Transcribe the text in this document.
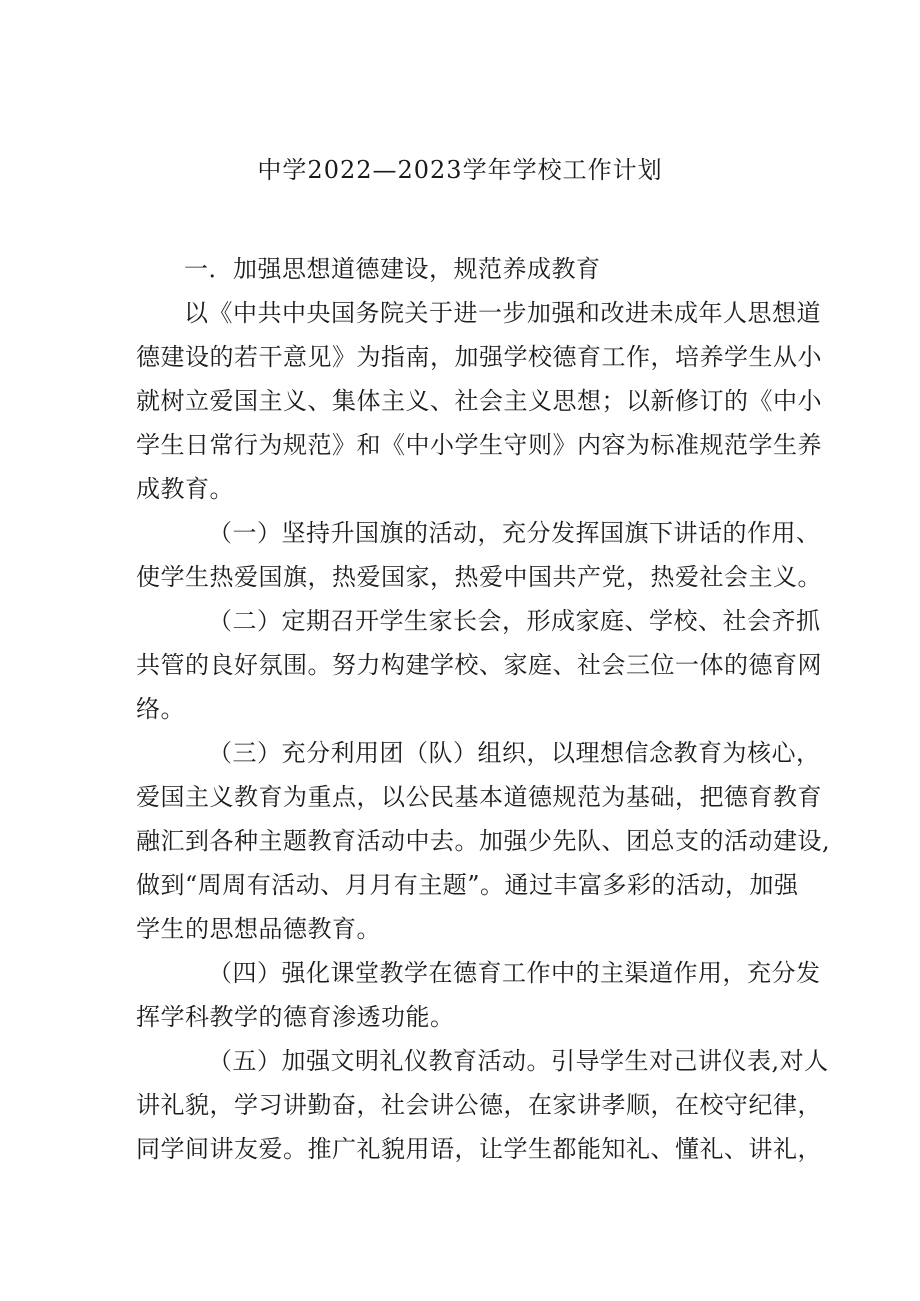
中学2022—2023学年学校工作计划
一．加强思想道德建设，规范养成教育
以《中共中央国务院关于进一步加强和改进未成年人思想道
德建设的若干意见》为指南，加强学校德育工作，培养学生从小
就树立爱国主义、集体主义、社会主义思想；以新修订的《中小
学生日常行为规范》和《中小学生守则》内容为标准规范学生养
成教育。
（一）坚持升国旗的活动，充分发挥国旗下讲话的作用、
使学生热爱国旗，热爱国家，热爱中国共产党，热爱社会主义。
（二）定期召开学生家长会，形成家庭、学校、社会齐抓
共管的良好氛围。努力构建学校、家庭、社会三位一体的德育网
络。
（三）充分利用团（队）组织，以理想信念教育为核心，
爱国主义教育为重点，以公民基本道德规范为基础，把德育教育
融汇到各种主题教育活动中去。加强少先队、团总支的活动建设,
做到“周周有活动、月月有主题”。通过丰富多彩的活动，加强
学生的思想品德教育。
（四）强化课堂教学在德育工作中的主渠道作用，充分发
挥学科教学的德育渗透功能。
（五）加强文明礼仪教育活动。引导学生对己讲仪表,对人
讲礼貌，学习讲勤奋，社会讲公德，在家讲孝顺，在校守纪律，
同学间讲友爱。推广礼貌用语，让学生都能知礼、懂礼、讲礼，
